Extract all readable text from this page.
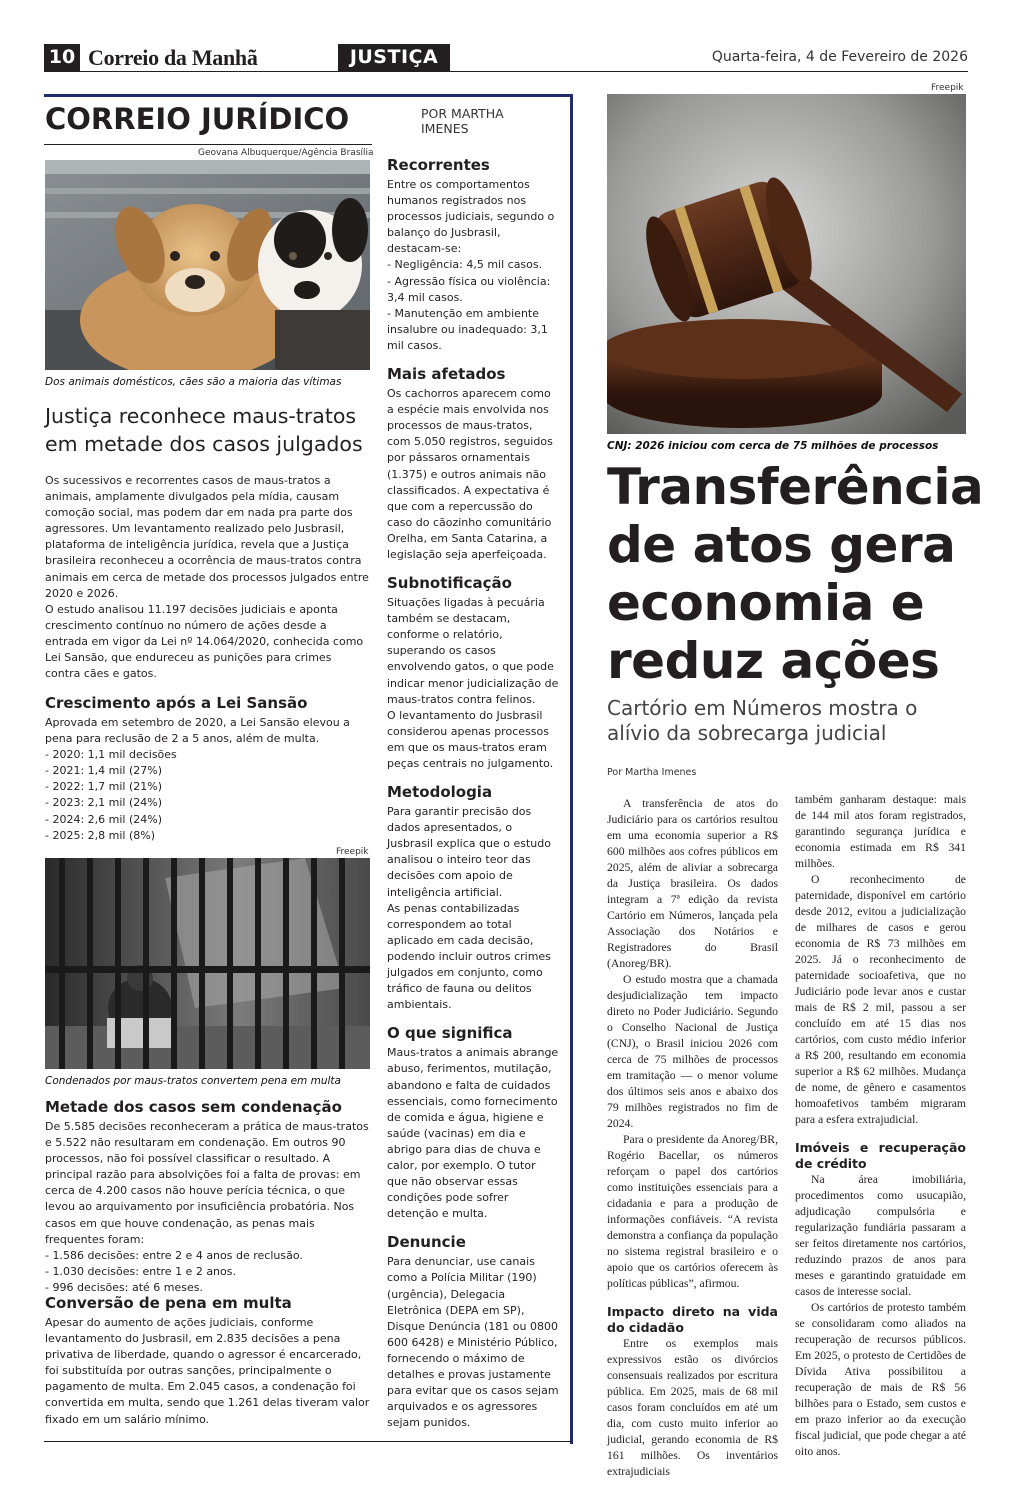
10 Correio da Manhã	JUSTIÇA	Quarta-feira, 4 de Fevereiro de 2026
CORREIO JURÍDICO	POR MARTHA IMENES
Geovana Albuquerque/Agência Brasília
Dos animais domésticos, cães são a maioria das vítimas
Justiça reconhece maus-tratos em metade dos casos julgados

Os sucessivos e recorrentes casos de maus-tratos a animais, amplamente divulgados pela mídia, causam comoção social, mas podem dar em nada pra parte dos agressores. Um levantamento realizado pelo Jusbrasil, plataforma de inteligência jurídica, revela que a Justiça brasileira reconheceu a ocorrência de maus-tratos contra animais em cerca de metade dos processos julgados entre 2020 e 2026.

O estudo analisou 11.197 decisões judiciais e aponta crescimento contínuo no número de ações desde a entrada em vigor da Lei nº 14.064/2020, conhecida como Lei Sansão, que endureceu as punições para crimes contra cães e gatos.

Crescimento após a Lei Sansão

Aprovada em setembro de 2020, a Lei Sansão elevou a pena para reclusão de 2 a 5 anos, além de multa.

- 2020: 1,1 mil decisões

- 2021: 1,4 mil (27%)

- 2022: 1,7 mil (21%)

- 2023: 2,1 mil (24%)

- 2024: 2,6 mil (24%)

- 2025: 2,8 mil (8%)

Freepik
Condenados por maus-tratos convertem pena em multa
Metade dos casos sem condenação

De 5.585 decisões reconheceram a prática de maus-tratos e 5.522 não resultaram em condenação. Em outros 90 processos, não foi possível classificar o resultado. A principal razão para absolvições foi a falta de provas: em cerca de 4.200 casos não houve perícia técnica, o que levou ao arquivamento por insuficiência probatória. Nos casos em que houve condenação, as penas mais frequentes foram:

- 1.586 decisões: entre 2 e 4 anos de reclusão.

- 1.030 decisões: entre 1 e 2 anos.

- 996 decisões: até 6 meses.

Conversão de pena em multa

Apesar do aumento de ações judiciais, conforme levantamento do Jusbrasil, em 2.835 decisões a pena privativa de liberdade, quando o agressor é encarcerado, foi substituída por outras sanções, principalmente o pagamento de multa. Em 2.045 casos, a condenação foi convertida em multa, sendo que 1.261 delas tiveram valor fixado em um salário mínimo.

Recorrentes

Entre os comportamentos humanos registrados nos processos judiciais, segundo o balanço do Jusbrasil, destacam-se:

- Negligência: 4,5 mil casos.

- Agressão física ou violência: 3,4 mil casos.

- Manutenção em ambiente insalubre ou inadequado: 3,1 mil casos.

Mais afetados

Os cachorros aparecem como a espécie mais envolvida nos processos de maus-tratos, com 5.050 registros, seguidos por pássaros ornamentais (1.375) e outros animais não classificados. A expectativa é que com a repercussão do caso do cãozinho comunitário Orelha, em Santa Catarina, a legislação seja aperfeiçoada.

Subnotificação

Situações ligadas à pecuária também se destacam, conforme o relatório, superando os casos envolvendo gatos, o que pode indicar menor judicialização de maus-tratos contra felinos.

O levantamento do Jusbrasil considerou apenas processos em que os maus-tratos eram peças centrais no julgamento.

Metodologia

Para garantir precisão dos dados apresentados, o Jusbrasil explica que o estudo analisou o inteiro teor das decisões com apoio de inteligência artificial.

As penas contabilizadas correspondem ao total aplicado em cada decisão, podendo incluir outros crimes julgados em conjunto, como tráfico de fauna ou delitos ambientais.

O que significa

Maus-tratos a animais abrange abuso, ferimentos, mutilação, abandono e falta de cuidados essenciais, como fornecimento de comida e água, higiene e saúde (vacinas) em dia e abrigo para dias de chuva e calor, por exemplo. O tutor que não observar essas condições pode sofrer detenção e multa.

Denuncie

Para denunciar, use canais como a Polícia Militar (190) (urgência), Delegacia Eletrônica (DEPA em SP), Disque Denúncia (181 ou 0800 600 6428) e Ministério Público, fornecendo o máximo de detalhes e provas justamente para evitar que os casos sejam arquivados e os agressores sejam punidos.

Freepik
CNJ: 2026 iniciou com cerca de 75 milhões de processos
Transferência de atos gera economia e reduz ações
Cartório em Números mostra o alívio da sobrecarga judicial
Por Martha Imenes

A transferência de atos do Judiciário para os cartórios resultou em uma economia superior a R$ 600 milhões aos cofres públicos em 2025, além de aliviar a sobrecarga da Justiça brasileira. Os dados integram a 7ª edição da revista Cartório em Números, lançada pela Associação dos Notários e Registradores do Brasil (Anoreg/BR).

O estudo mostra que a chamada desjudicialização tem impacto direto no Poder Judiciário. Segundo o Conselho Nacional de Justiça (CNJ), o Brasil iniciou 2026 com cerca de 75 milhões de processos em tramitação — o menor volume dos últimos seis anos e abaixo dos 79 milhões registrados no fim de 2024.

Para o presidente da Anoreg/BR, Rogério Bacellar, os números reforçam o papel dos cartórios como instituições essenciais para a cidadania e para a produção de informações confiáveis. “A revista demonstra a confiança da população no sistema registral brasileiro e o apoio que os cartórios oferecem às políticas públicas”, afirmou.

Impacto direto na vida do cidadão

Entre os exemplos mais expressivos estão os divórcios consensuais realizados por escritura pública. Em 2025, mais de 68 mil casos foram concluídos em até um dia, com custo muito inferior ao judicial, gerando economia de R$ 161 milhões. Os inventários extrajudiciais

também ganharam destaque: mais de 144 mil atos foram registrados, garantindo segurança jurídica e economia estimada em R$ 341 milhões.

O reconhecimento de paternidade, disponível em cartório desde 2012, evitou a judicialização de milhares de casos e gerou economia de R$ 73 milhões em 2025. Já o reconhecimento de paternidade socioafetiva, que no Judiciário pode levar anos e custar mais de R$ 2 mil, passou a ser concluído em até 15 dias nos cartórios, com custo médio inferior a R$ 200, resultando em economia superior a R$ 62 milhões. Mudança de nome, de gênero e casamentos homoafetivos também migraram para a esfera extrajudicial.

Imóveis e recuperação de crédito

Na área imobiliária, procedimentos como usucapião, adjudicação compulsória e regularização fundiária passaram a ser feitos diretamente nos cartórios, reduzindo prazos de anos para meses e garantindo gratuidade em casos de interesse social.

Os cartórios de protesto também se consolidaram como aliados na recuperação de recursos públicos. Em 2025, o protesto de Certidões de Dívida Ativa possibilitou a recuperação de mais de R$ 56 bilhões para o Estado, sem custos e em prazo inferior ao da execução fiscal judicial, que pode chegar a até oito anos.
